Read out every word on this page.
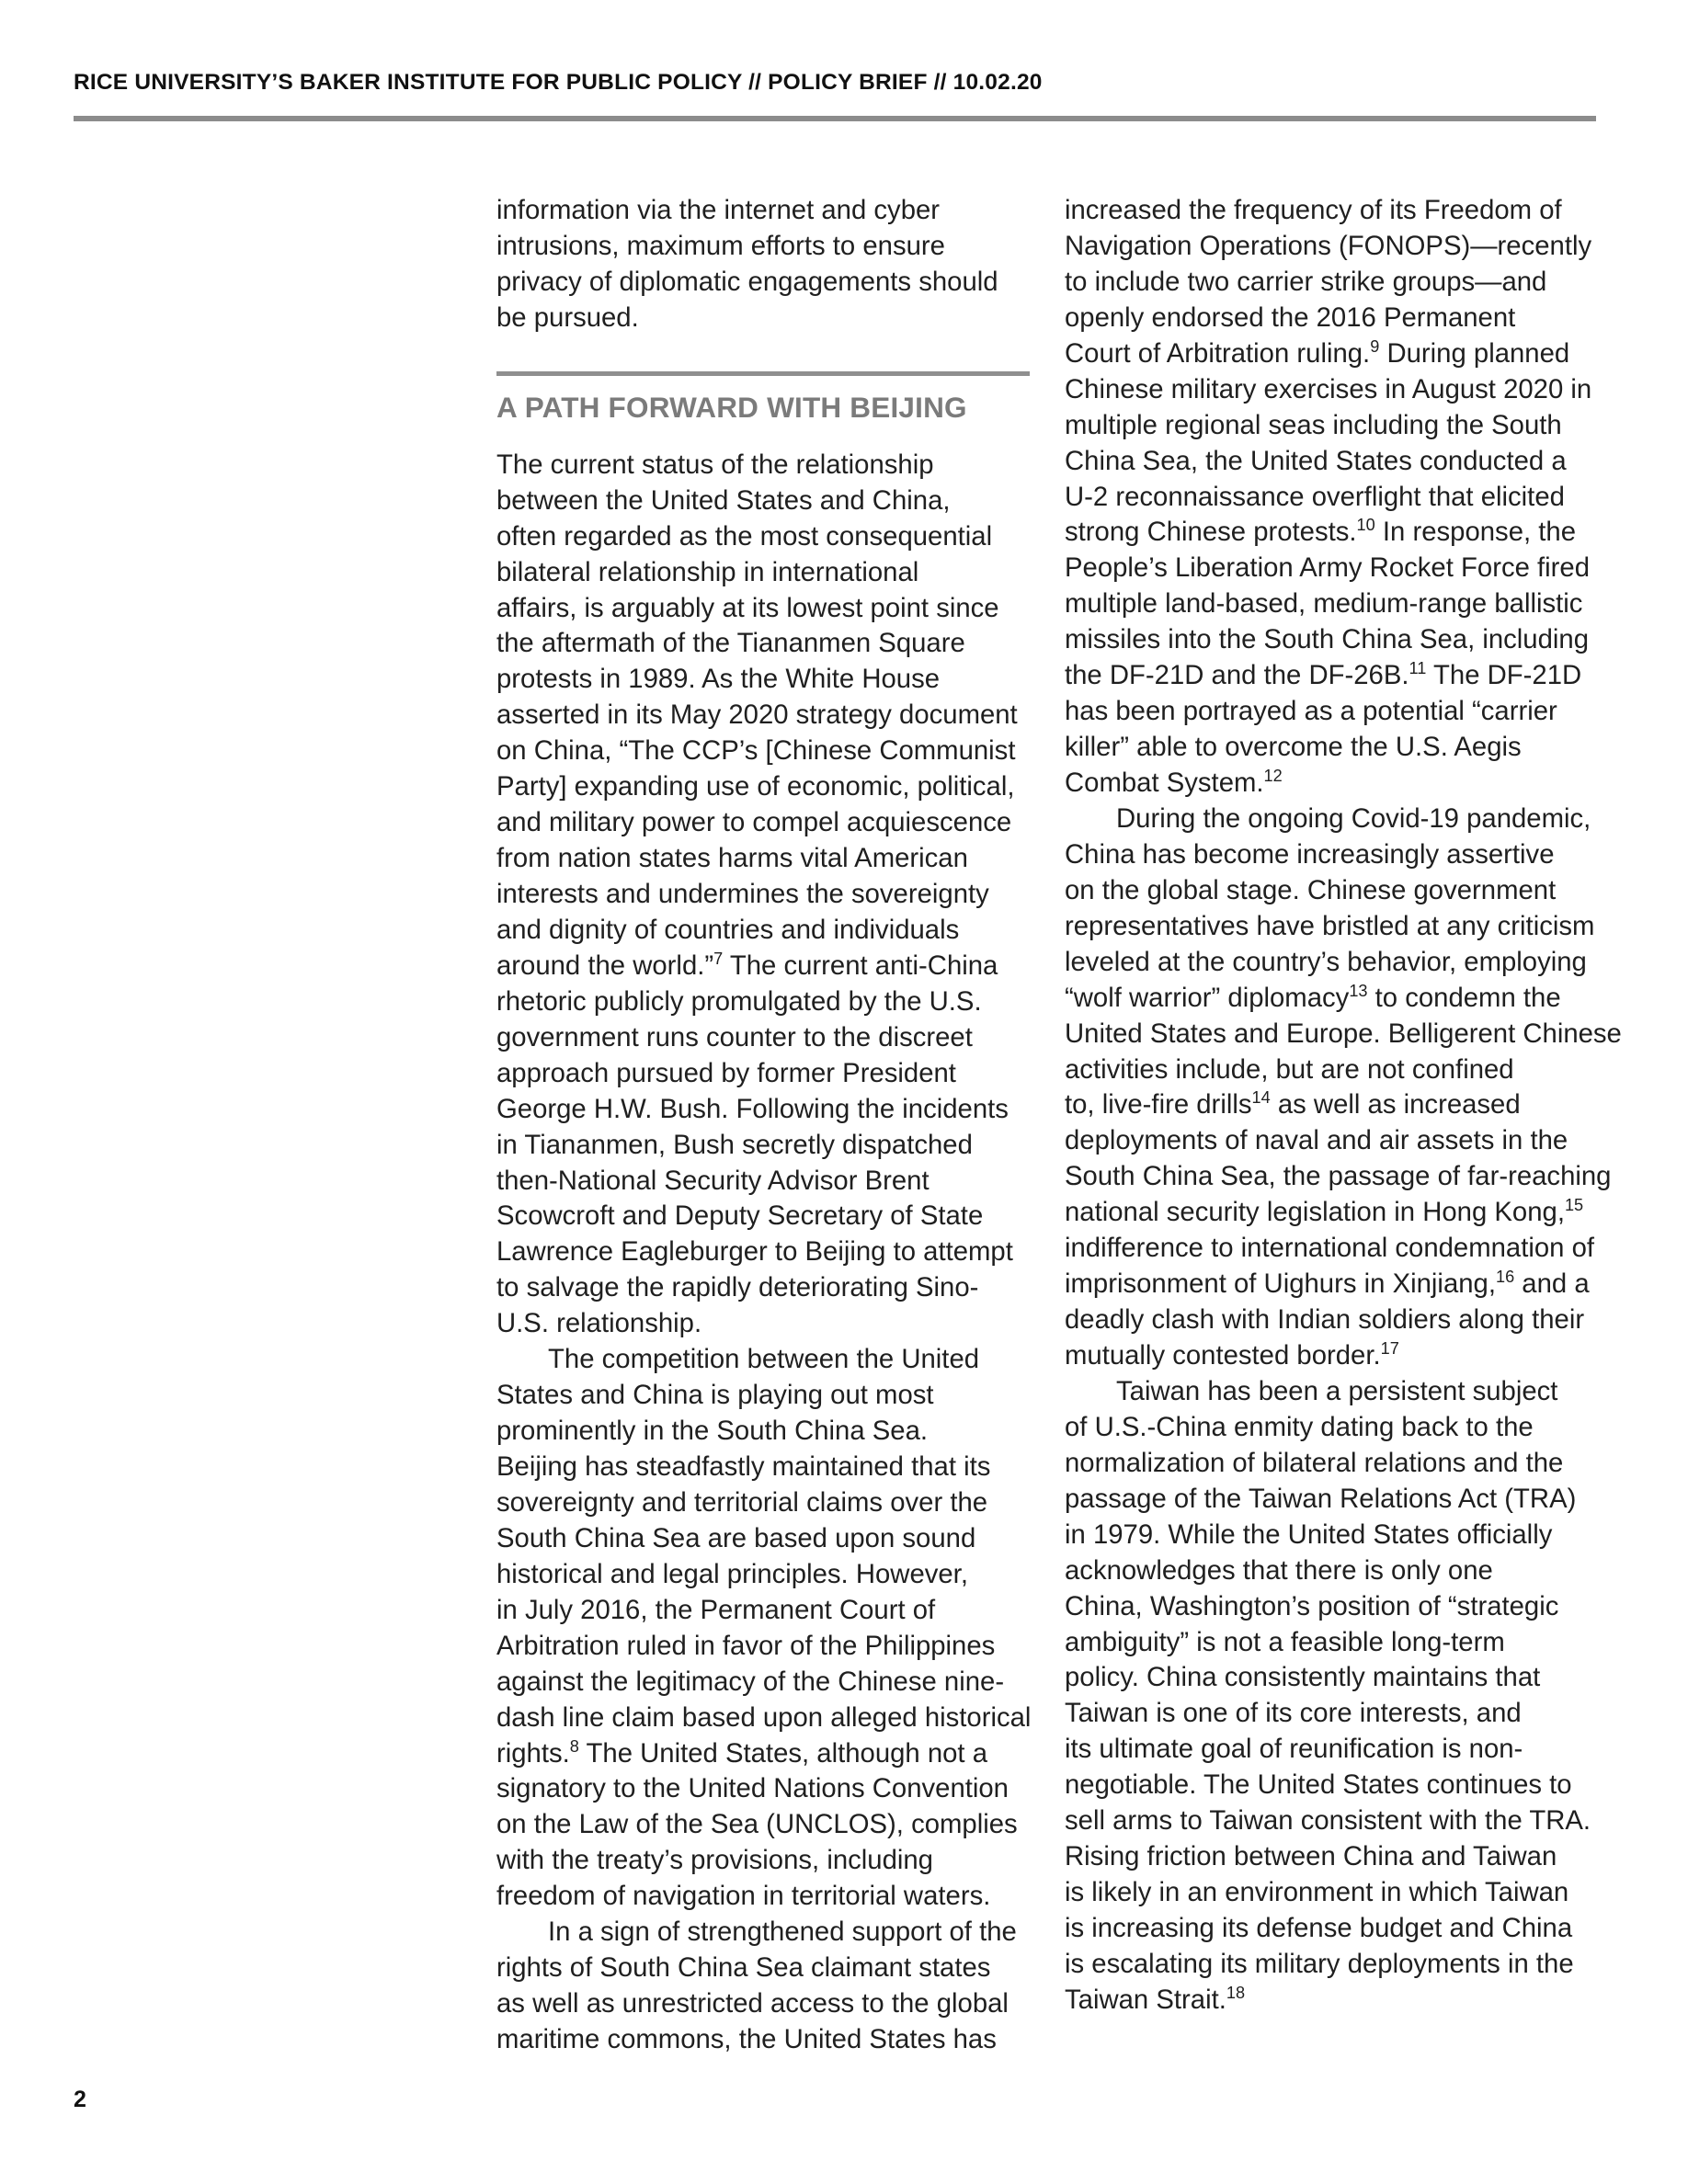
RICE UNIVERSITY’S BAKER INSTITUTE FOR PUBLIC POLICY // POLICY BRIEF // 10.02.20
information via the internet and cyber
intrusions, maximum efforts to ensure
privacy of diplomatic engagements should
be pursued.
A PATH FORWARD WITH BEIJING
The current status of the relationship
between the United States and China,
often regarded as the most consequential
bilateral relationship in international
affairs, is arguably at its lowest point since
the aftermath of the Tiananmen Square
protests in 1989. As the White House
asserted in its May 2020 strategy document
on China, “The CCP’s [Chinese Communist
Party] expanding use of economic, political,
and military power to compel acquiescence
from nation states harms vital American
interests and undermines the sovereignty
and dignity of countries and individuals
around the world.”$^7$ The current anti-China
rhetoric publicly promulgated by the U.S.
government runs counter to the discreet
approach pursued by former President
George H.W. Bush. Following the incidents
in Tiananmen, Bush secretly dispatched
then-National Security Advisor Brent
Scowcroft and Deputy Secretary of State
Lawrence Eagleburger to Beijing to attempt
to salvage the rapidly deteriorating Sino-
U.S. relationship.
The competition between the United
States and China is playing out most
prominently in the South China Sea.
Beijing has steadfastly maintained that its
sovereignty and territorial claims over the
South China Sea are based upon sound
historical and legal principles. However,
in July 2016, the Permanent Court of
Arbitration ruled in favor of the Philippines
against the legitimacy of the Chinese nine-
dash line claim based upon alleged historical
rights.$^8$ The United States, although not a
signatory to the United Nations Convention
on the Law of the Sea (UNCLOS), complies
with the treaty’s provisions, including
freedom of navigation in territorial waters.
In a sign of strengthened support of the
rights of South China Sea claimant states
as well as unrestricted access to the global
maritime commons, the United States has
increased the frequency of its Freedom of
Navigation Operations (FONOPS)—recently
to include two carrier strike groups—and
openly endorsed the 2016 Permanent
Court of Arbitration ruling.$^9$ During planned
Chinese military exercises in August 2020 in
multiple regional seas including the South
China Sea, the United States conducted a
U-2 reconnaissance overflight that elicited
strong Chinese protests.$^{10}$ In response, the
People’s Liberation Army Rocket Force fired
multiple land-based, medium-range ballistic
missiles into the South China Sea, including
the DF-21D and the DF-26B.$^{11}$ The DF-21D
has been portrayed as a potential “carrier
killer” able to overcome the U.S. Aegis
Combat System.$^{12}$
During the ongoing Covid-19 pandemic,
China has become increasingly assertive
on the global stage. Chinese government
representatives have bristled at any criticism
leveled at the country’s behavior, employing
“wolf warrior” diplomacy$^{13}$ to condemn the
United States and Europe. Belligerent Chinese
activities include, but are not confined
to, live-fire drills$^{14}$ as well as increased
deployments of naval and air assets in the
South China Sea, the passage of far-reaching
national security legislation in Hong Kong,$^{15}$
indifference to international condemnation of
imprisonment of Uighurs in Xinjiang,$^{16}$ and a
deadly clash with Indian soldiers along their
mutually contested border.$^{17}$
Taiwan has been a persistent subject
of U.S.-China enmity dating back to the
normalization of bilateral relations and the
passage of the Taiwan Relations Act (TRA)
in 1979. While the United States officially
acknowledges that there is only one
China, Washington’s position of “strategic
ambiguity” is not a feasible long-term
policy. China consistently maintains that
Taiwan is one of its core interests, and
its ultimate goal of reunification is non-
negotiable. The United States continues to
sell arms to Taiwan consistent with the TRA.
Rising friction between China and Taiwan
is likely in an environment in which Taiwan
is increasing its defense budget and China
is escalating its military deployments in the
Taiwan Strait.$^{18}$
2
